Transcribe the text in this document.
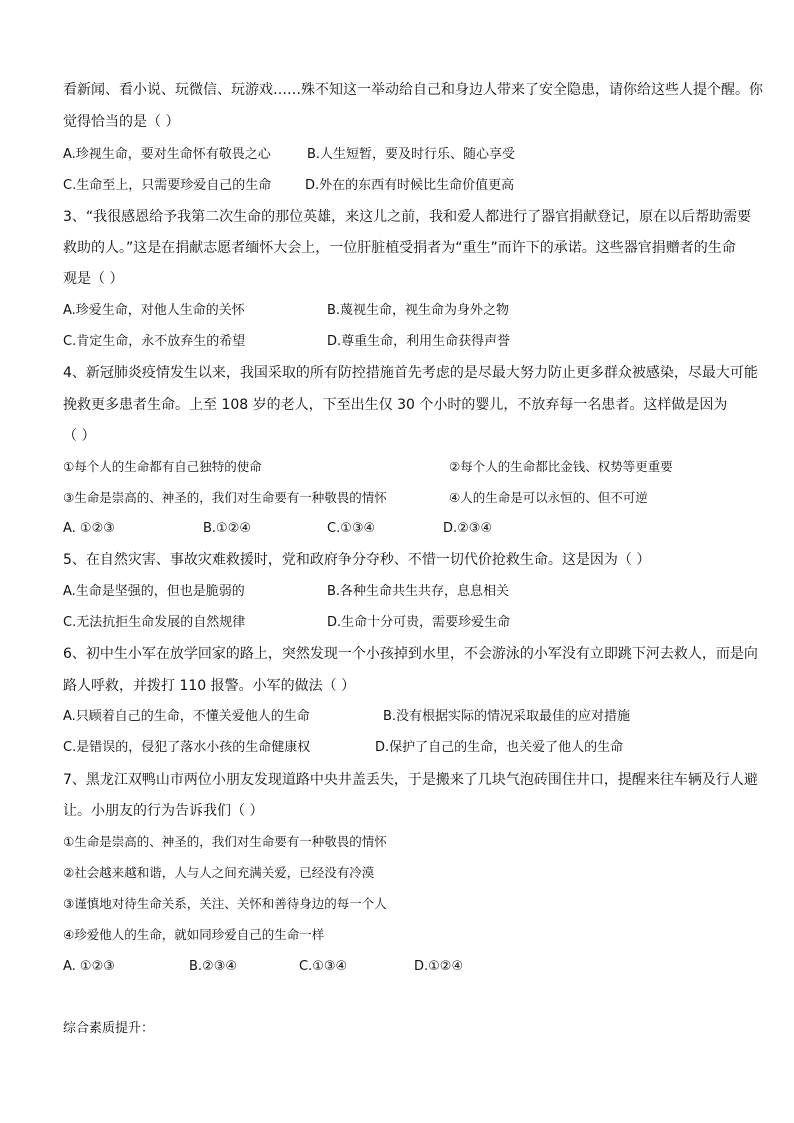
看新闻、看小说、玩微信、玩游戏……殊不知这一举动给自己和身边人带来了安全隐患，请你给这些人提个醒。你
觉得恰当的是（ ）
A.珍视生命，要对生命怀有敬畏之心	B.人生短暂，要及时行乐、随心享受
C.生命至上，只需要珍爱自己的生命	D.外在的东西有时候比生命价值更高
3、“我很感恩给予我第二次生命的那位英雄，来这儿之前，我和爱人都进行了器官捐献登记，原在以后帮助需要
救助的人。”这是在捐献志愿者缅怀大会上，一位肝脏植受捐者为“重生”而许下的承诺。这些器官捐赠者的生命
观是（ ）
A.珍爱生命，对他人生命的关怀	B.蔑视生命，视生命为身外之物
C.肯定生命，永不放弃生的希望	D.尊重生命，利用生命获得声誉
4、新冠肺炎疫情发生以来，我国采取的所有防控措施首先考虑的是尽最大努力防止更多群众被感染，尽最大可能
挽救更多患者生命。上至 108 岁的老人，下至出生仅 30 个小时的婴儿，不放弃每一名患者。这样做是因为
（ ）
①每个人的生命都有自己独特的使命	②每个人的生命都比金钱、权势等更重要
③生命是崇高的、神圣的，我们对生命要有一种敬畏的情怀	④人的生命是可以永恒的、但不可逆
A. ①②③	B.①②④	C.①③④	D.②③④
5、在自然灾害、事故灾难救援时，党和政府争分夺秒、不惜一切代价抢救生命。这是因为（ ）
A.生命是坚强的，但也是脆弱的	B.各种生命共生共存，息息相关
C.无法抗拒生命发展的自然规律	D.生命十分可贵，需要珍爱生命
6、初中生小军在放学回家的路上，突然发现一个小孩掉到水里，不会游泳的小军没有立即跳下河去救人，而是向
路人呼救，并拨打 110 报警。小军的做法（ ）
A.只顾着自己的生命，不懂关爱他人的生命	B.没有根据实际的情况采取最佳的应对措施
C.是错误的，侵犯了落水小孩的生命健康权	D.保护了自己的生命，也关爱了他人的生命
7、黑龙江双鸭山市两位小朋友发现道路中央井盖丢失，于是搬来了几块气泡砖围住井口，提醒来往车辆及行人避
让。小朋友的行为告诉我们（ ）
①生命是崇高的、神圣的，我们对生命要有一种敬畏的情怀
②社会越来越和谐，人与人之间充满关爱，已经没有冷漠
③谨慎地对待生命关系，关注、关怀和善待身边的每一个人
④珍爱他人的生命，就如同珍爱自己的生命一样
A. ①②③	B.②③④	C.①③④	D.①②④
综合素质提升：
